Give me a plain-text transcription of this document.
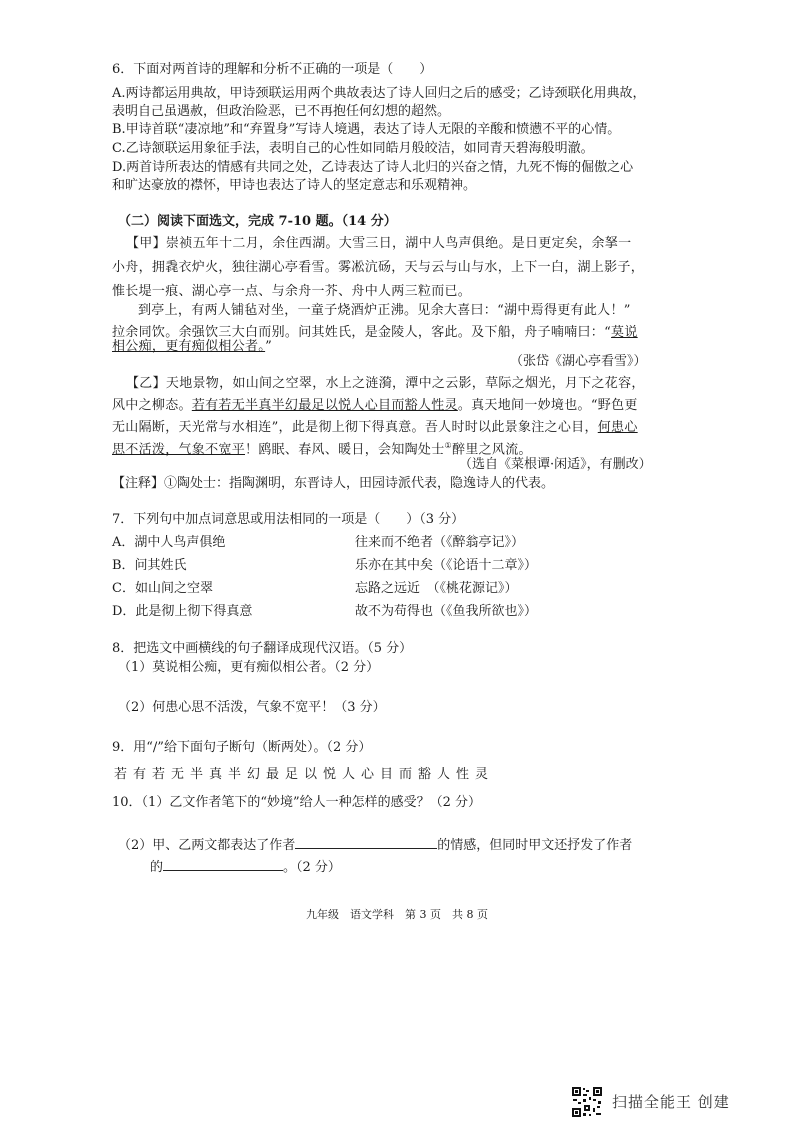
6．下面对两首诗的理解和分析不正确的一项是（　　）
A.两诗都运用典故，甲诗颈联运用两个典故表达了诗人回归之后的感受；乙诗颈联化用典故，
表明自己虽遇赦，但政治险恶，已不再抱任何幻想的超然。
B.甲诗首联“凄凉地”和“弃置身”写诗人境遇，表达了诗人无限的辛酸和愤懑不平的心情。
C.乙诗颔联运用象征手法，表明自己的心性如同皓月般皎洁，如同青天碧海般明澈。
D.两首诗所表达的情感有共同之处，乙诗表达了诗人北归的兴奋之情，九死不悔的倔傲之心
和旷达豪放的襟怀，甲诗也表达了诗人的坚定意志和乐观精神。
（二）阅读下面选文，完成 7-10 题。（14 分）
【甲】崇祯五年十二月，余住西湖。大雪三日，湖中人鸟声俱绝。是日更定矣，余拏一
小舟，拥毳衣炉火，独往湖心亭看雪。雾凇沆砀，天与云与山与水，上下一白，湖上影子，
惟长堤一痕、湖心亭一点、与余舟一芥、舟中人两三粒而已。
到亭上，有两人铺毡对坐，一童子烧酒炉正沸。见余大喜曰：“湖中焉得更有此人！”
拉余同饮。余强饮三大白而别。问其姓氏，是金陵人，客此。及下船，舟子喃喃曰：“莫说
相公痴，更有痴似相公者。”
（张岱《湖心亭看雪》）
【乙】天地景物，如山间之空翠，水上之涟漪，潭中之云影，草际之烟光，月下之花容，
风中之柳态。若有若无半真半幻最足以悦人心目而豁人性灵。真天地间一妙境也。“野色更
无山隔断，天光常与水相连”，此是彻上彻下得真意。吾人时时以此景象注之心目，何患心
思不活泼，气象不宽平！鸥眠、春风、暖日，会知陶处士①醉里之风流。
（选自《菜根谭·闲适》，有删改）
【注释】①陶处士：指陶渊明，东晋诗人，田园诗派代表，隐逸诗人的代表。
7．下列句中加点词意思或用法相同的一项是（　　）（3 分）
A．湖中人鸟声俱绝	往来而不绝者（《醉翁亭记》）
B．问其姓氏	乐亦在其中矣（《论语十二章》）
C．如山间之空翠	忘路之远近　（《桃花源记》）
D．此是彻上彻下得真意	故不为苟得也（《鱼我所欲也》）
8．把选文中画横线的句子翻译成现代汉语。（5 分）
（1）莫说相公痴，更有痴似相公者。（2 分）
（2）何患心思不活泼，气象不宽平！（3 分）
9．用“/”给下面句子断句（断两处）。（2 分）
若有若无半真半幻最足以悦人心目而豁人性灵
10．（1）乙文作者笔下的“妙境”给人一种怎样的感受？（2 分）
（2）甲、乙两文都表达了作者	的情感，但同时甲文还抒发了作者
的	。（2 分）
九年级　语文学科　第 3 页　共 8 页
扫描全能王 创建
